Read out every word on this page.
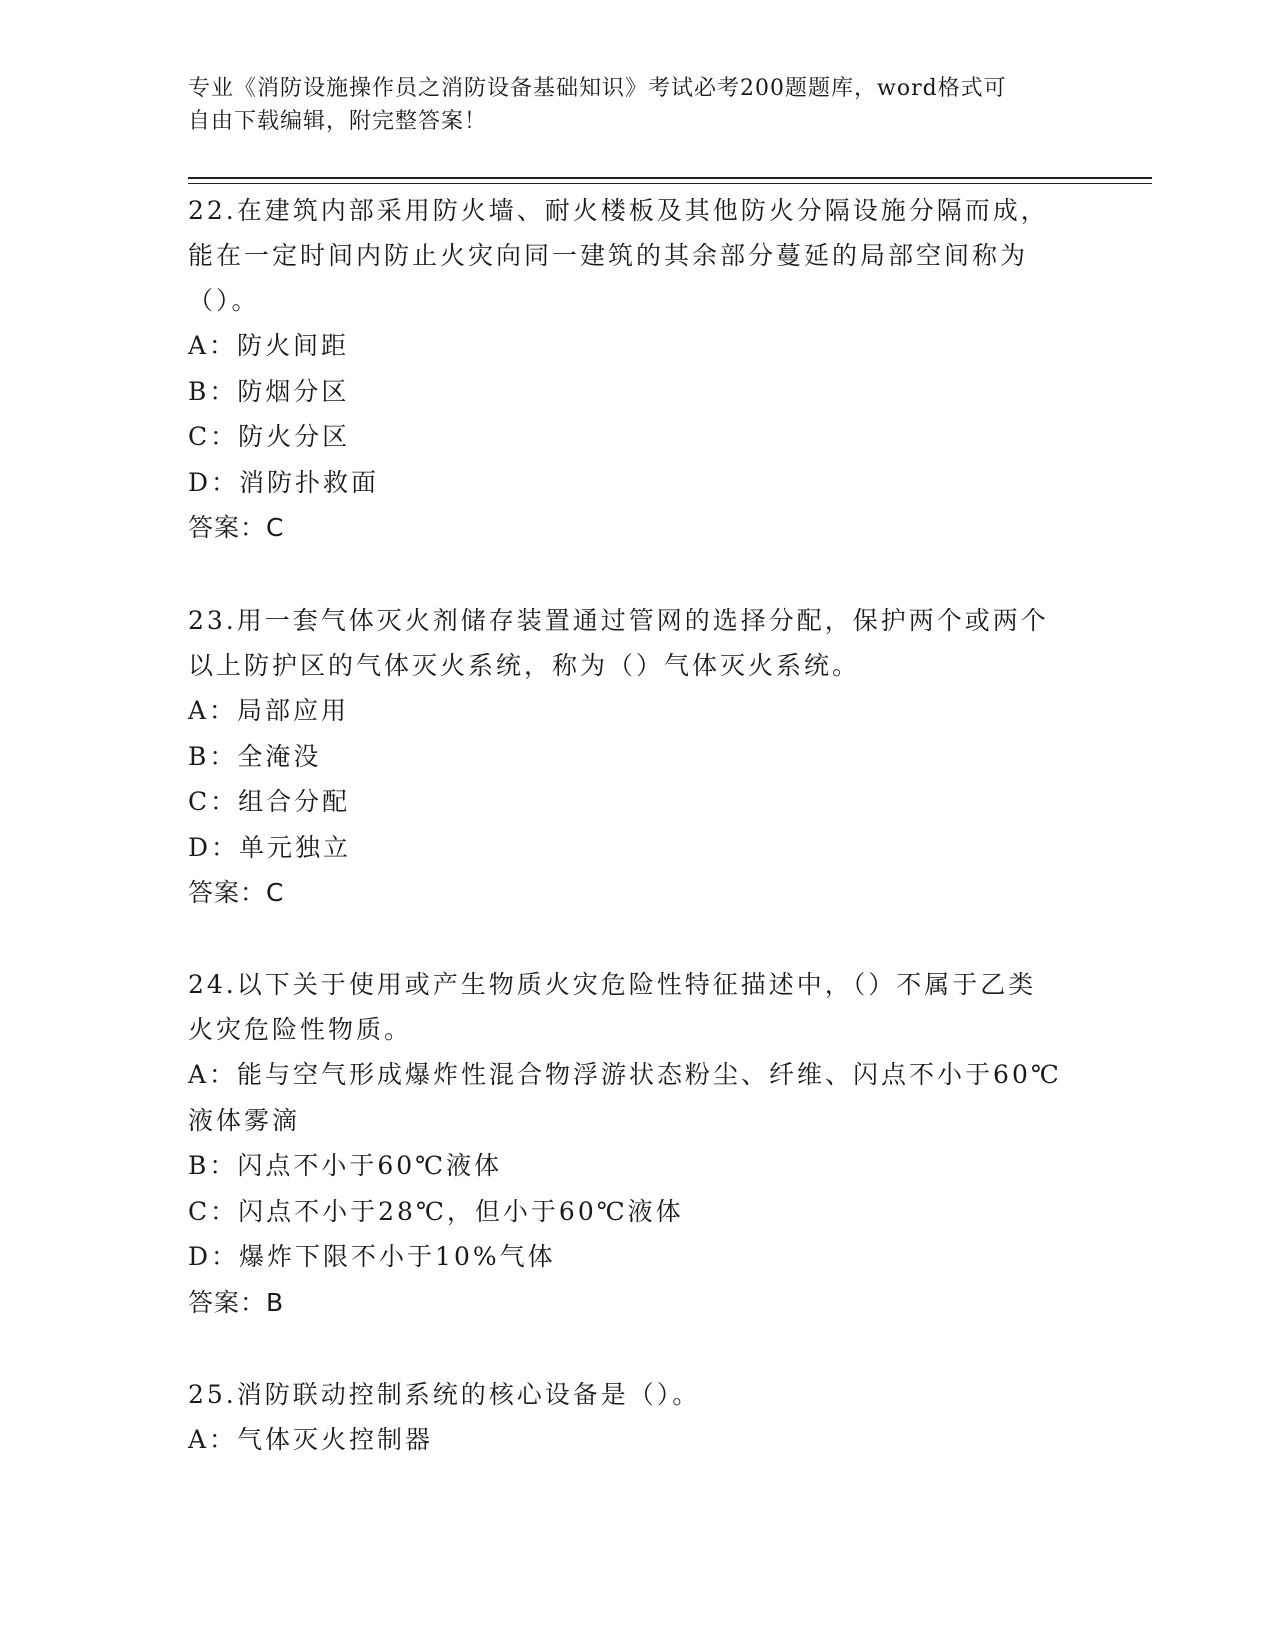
专业《消防设施操作员之消防设备基础知识》考试必考200题题库，word格式可
自由下载编辑，附完整答案！
22.在建筑内部采用防火墙、耐火楼板及其他防火分隔设施分隔而成，
能在一定时间内防止火灾向同一建筑的其余部分蔓延的局部空间称为
（）。
A：防火间距
B：防烟分区
C：防火分区
D：消防扑救面
答案：C
23.用一套气体灭火剂储存装置通过管网的选择分配，保护两个或两个
以上防护区的气体灭火系统，称为（）气体灭火系统。
A：局部应用
B：全淹没
C：组合分配
D：单元独立
答案：C
24.以下关于使用或产生物质火灾危险性特征描述中，（）不属于乙类
火灾危险性物质。
A：能与空气形成爆炸性混合物浮游状态粉尘、纤维、闪点不小于60℃
液体雾滴
B：闪点不小于60℃液体
C：闪点不小于28℃，但小于60℃液体
D：爆炸下限不小于10%气体
答案：B
25.消防联动控制系统的核心设备是（）。
A：气体灭火控制器
